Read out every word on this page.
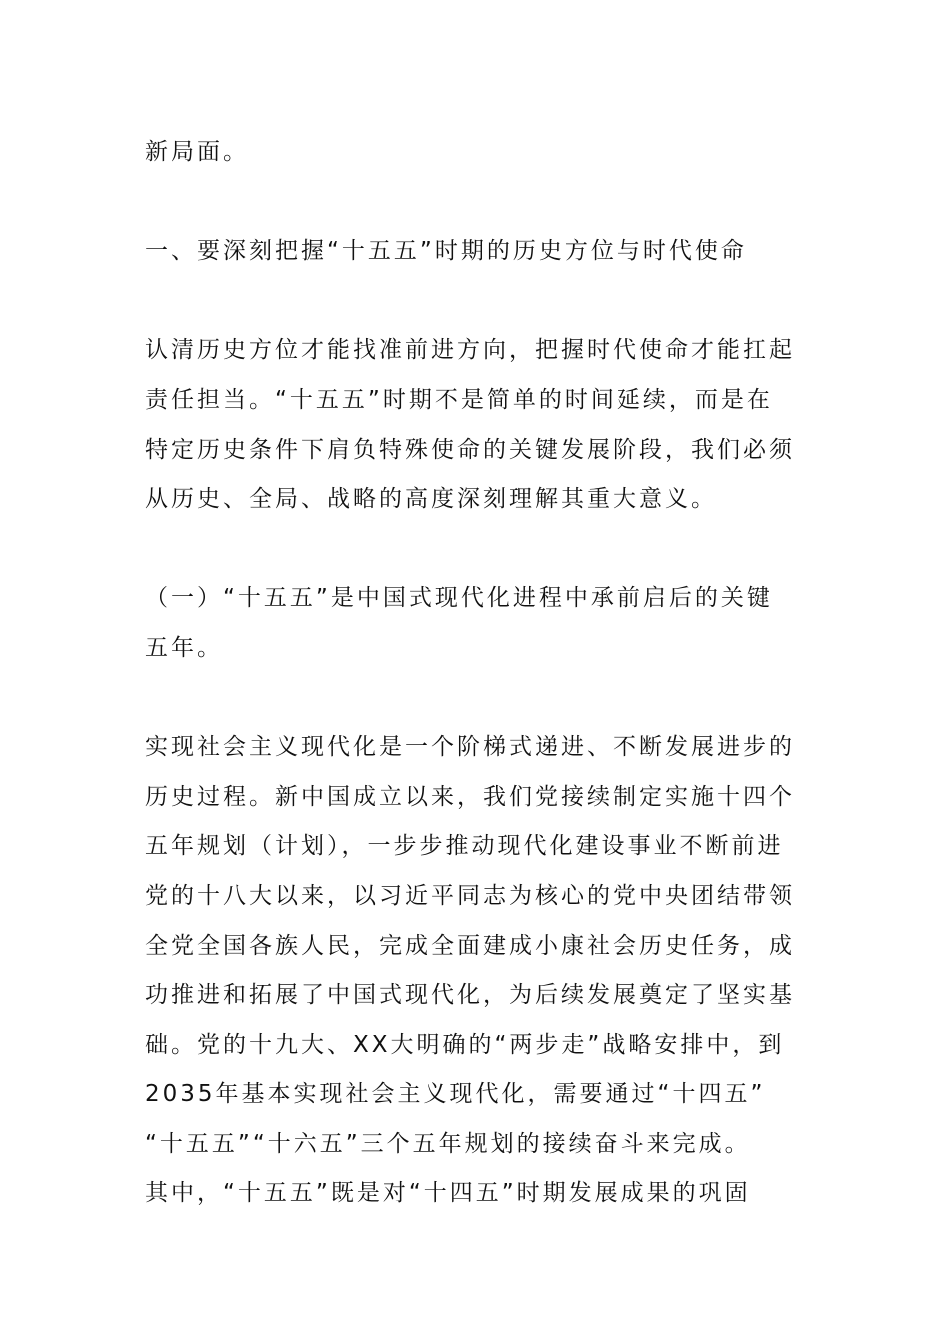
新局面。
一、要深刻把握“十五五”时期的历史方位与时代使命
认清历史方位才能找准前进方向，把握时代使命才能扛起
责任担当。“十五五”时期不是简单的时间延续，而是在
特定历史条件下肩负特殊使命的关键发展阶段，我们必须
从历史、全局、战略的高度深刻理解其重大意义。
（一）“十五五”是中国式现代化进程中承前启后的关键
五年。
实现社会主义现代化是一个阶梯式递进、不断发展进步的
历史过程。新中国成立以来，我们党接续制定实施十四个
五年规划（计划），一步步推动现代化建设事业不断前进
党的十八大以来，以习近平同志为核心的党中央团结带领
全党全国各族人民，完成全面建成小康社会历史任务，成
功推进和拓展了中国式现代化，为后续发展奠定了坚实基
础。党的十九大、XX大明确的“两步走”战略安排中，到
2035年基本实现社会主义现代化，需要通过“十四五”
“十五五”“十六五”三个五年规划的接续奋斗来完成。
其中，“十五五”既是对“十四五”时期发展成果的巩固
